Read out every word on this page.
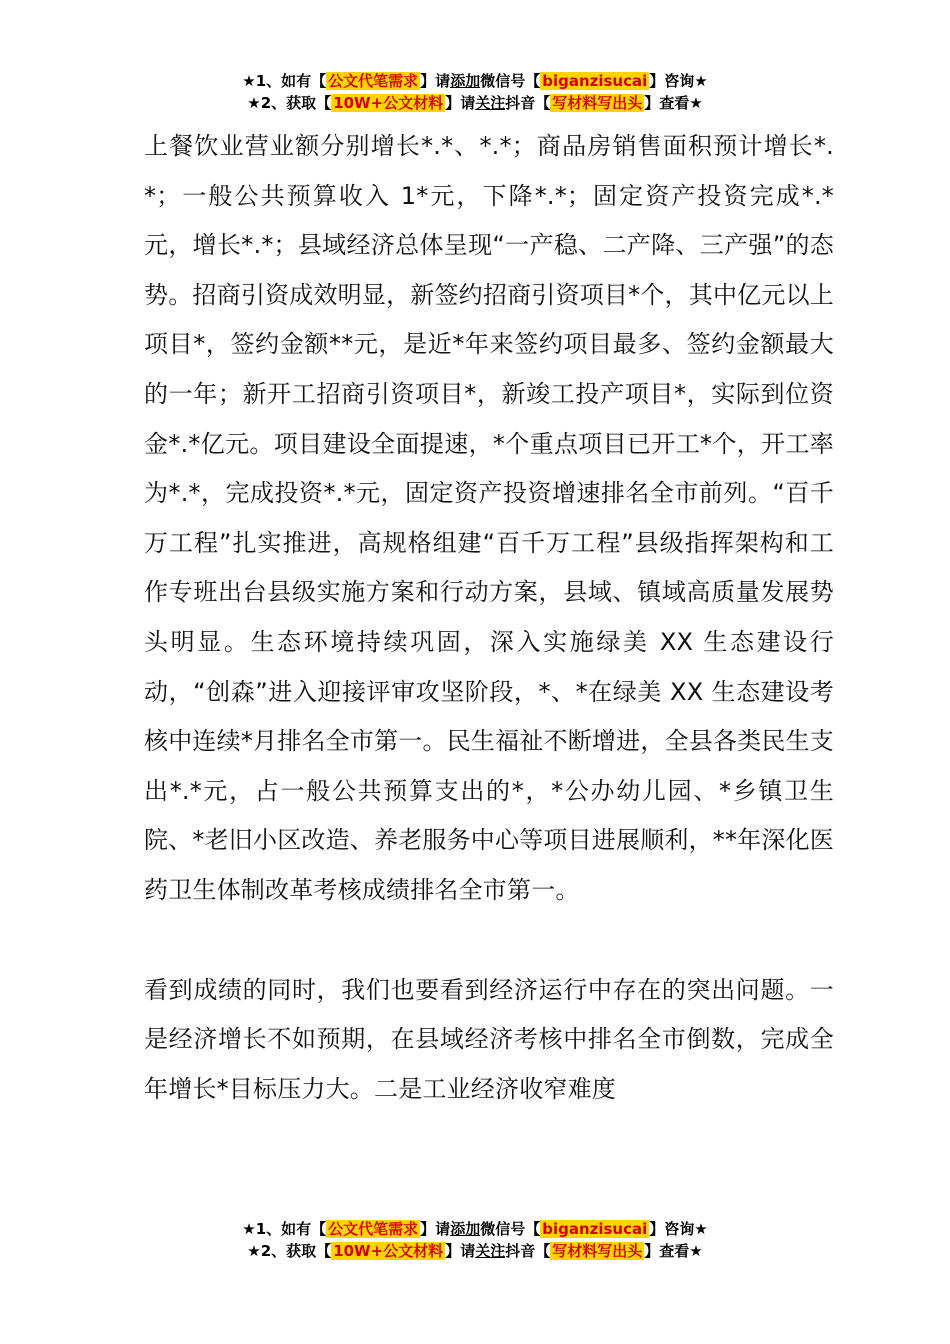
★1、如有【 公文代笔需求 】请添加微信号【 biganzisucai 】咨询★
★2、获取【 10W+公文材料 】请关注抖音【 写材料写出头 】查看★

上餐饮业营业额分别增长*.*、*.*；商品房销售面积预计增长*.*；一般公共预算收入 1*元，下降*.*；固定资产投资完成*.*元，增长*.*；县域经济总体呈现“一产稳、二产降、三产强”的态势。招商引资成效明显，新签约招商引资项目*个，其中亿元以上项目*，签约金额**元，是近*年来签约项目最多、签约金额最大的一年；新开工招商引资项目*，新竣工投产项目*，实际到位资金*.*亿元。项目建设全面提速，*个重点项目已开工*个，开工率为*.*，完成投资*.*元，固定资产投资增速排名全市前列。“百千万工程”扎实推进，高规格组建“百千万工程”县级指挥架构和工作专班出台县级实施方案和行动方案，县域、镇域高质量发展势头明显。生态环境持续巩固，深入实施绿美 XX 生态建设行动，“创森”进入迎接评审攻坚阶段，*、*在绿美 XX 生态建设考核中连续*月排名全市第一。民生福祉不断增进，全县各类民生支出*.*元，占一般公共预算支出的*，*公办幼儿园、*乡镇卫生院、*老旧小区改造、养老服务中心等项目进展顺利，**年深化医药卫生体制改革考核成绩排名全市第一。

看到成绩的同时，我们也要看到经济运行中存在的突出问题。一是经济增长不如预期，在县域经济考核中排名全市倒数，完成全年增长*目标压力大。二是工业经济收窄难度

★1、如有【 公文代笔需求 】请添加微信号【 biganzisucai 】咨询★
★2、获取【 10W+公文材料 】请关注抖音【 写材料写出头 】查看★
